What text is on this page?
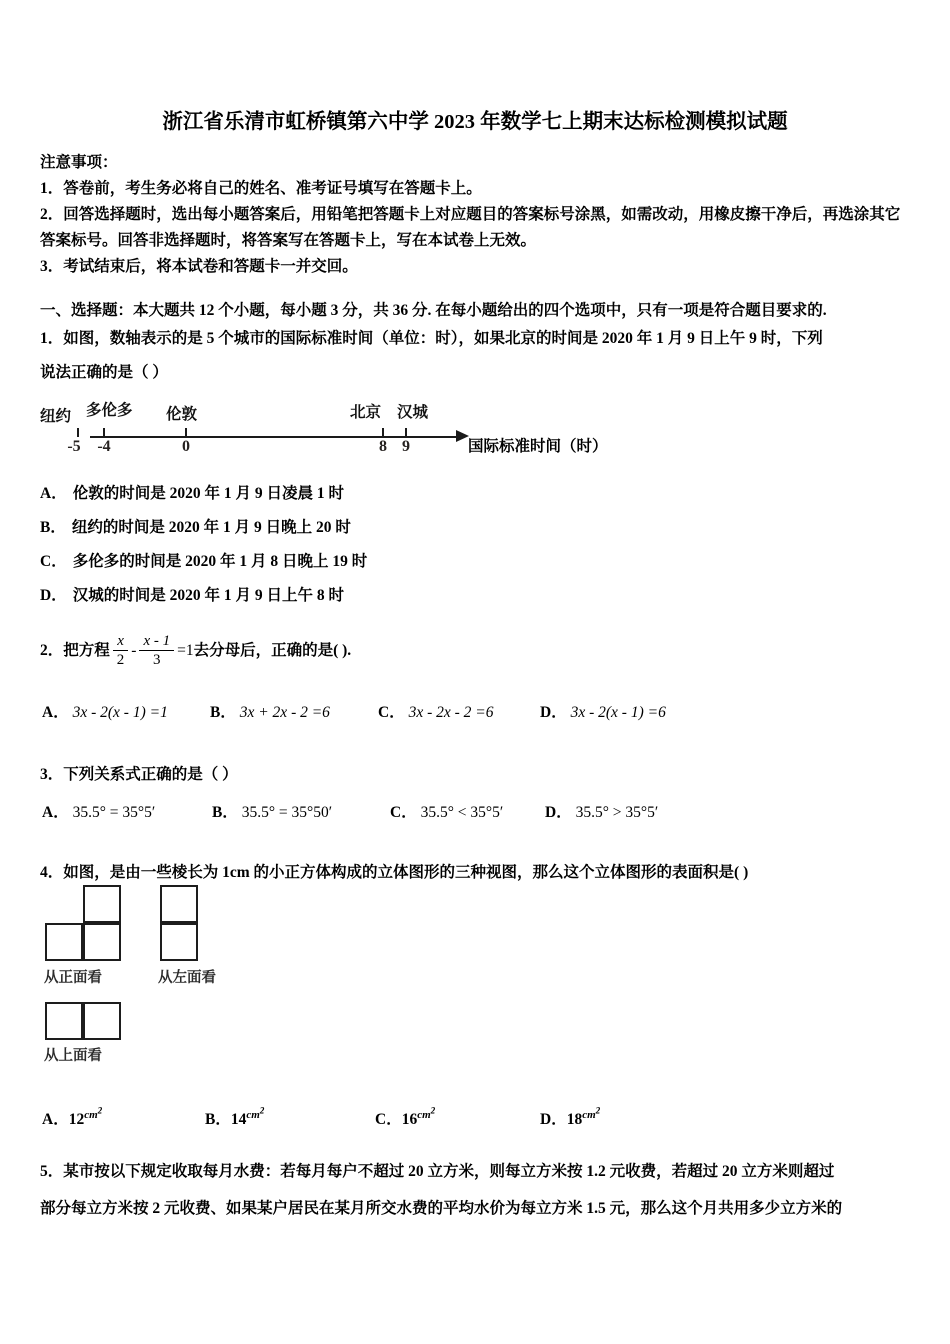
浙江省乐清市虹桥镇第六中学 2023 年数学七上期末达标检测模拟试题
注意事项：
1．答卷前，考生务必将自己的姓名、准考证号填写在答题卡上。
2．回答选择题时，选出每小题答案后，用铅笔把答题卡上对应题目的答案标号涂黑，如需改动，用橡皮擦干净后，再选涂其它答案标号。回答非选择题时，将答案写在答题卡上，写在本试卷上无效。
3．考试结束后，将本试卷和答题卡一并交回。
一、选择题：本大题共 12 个小题，每小题 3 分，共 36 分. 在每小题给出的四个选项中，只有一项是符合题目要求的.
1．如图，数轴表示的是 5 个城市的国际标准时间（单位：时），如果北京的时间是 2020 年 1 月 9 日上午 9 时，下列
说法正确的是（ ）
-5 -4	0	8 9
纽约 多伦多 伦敦	北京 汉城
国际标准时间（时）
A． 伦敦的时间是 2020 年 1 月 9 日凌晨 1 时
B． 纽约的时间是 2020 年 1 月 9 日晚上 20 时
C． 多伦多的时间是 2020 年 1 月 8 日晚上 19 时
D． 汉城的时间是 2020 年 1 月 9 日上午 8 时
2．把方程 $\frac{x}{2} - \frac{x - 1}{3} =1$去分母后，正确的是( ).
A． 3x - 2(x - 1) =1	B． 3x + 2x - 2 =6	C． 3x - 2x - 2 =6	D． 3x - 2(x - 1) =6
3．下列关系式正确的是（ ）
A． 35.5° = 35°5′	B． 35.5° = 35°50′	C． 35.5° < 35°5′	D． 35.5° > 35°5′
4．如图，是由一些棱长为 1cm 的小正方体构成的立体图形的三种视图，那么这个立体图形的表面积是( )
从正面看	从左面看
从上面看
A．$12^{cm^2}$
B．$14^{cm^2}$
C．$16^{cm^2}$
D．$18^{cm^2}$
5．某市按以下规定收取每月水费：若每月每户不超过 20 立方米，则每立方米按 1.2 元收费，若超过 20 立方米则超过
部分每立方米按 2 元收费、如果某户居民在某月所交水费的平均水价为每立方米 1.5 元，那么这个月共用多少立方米的
